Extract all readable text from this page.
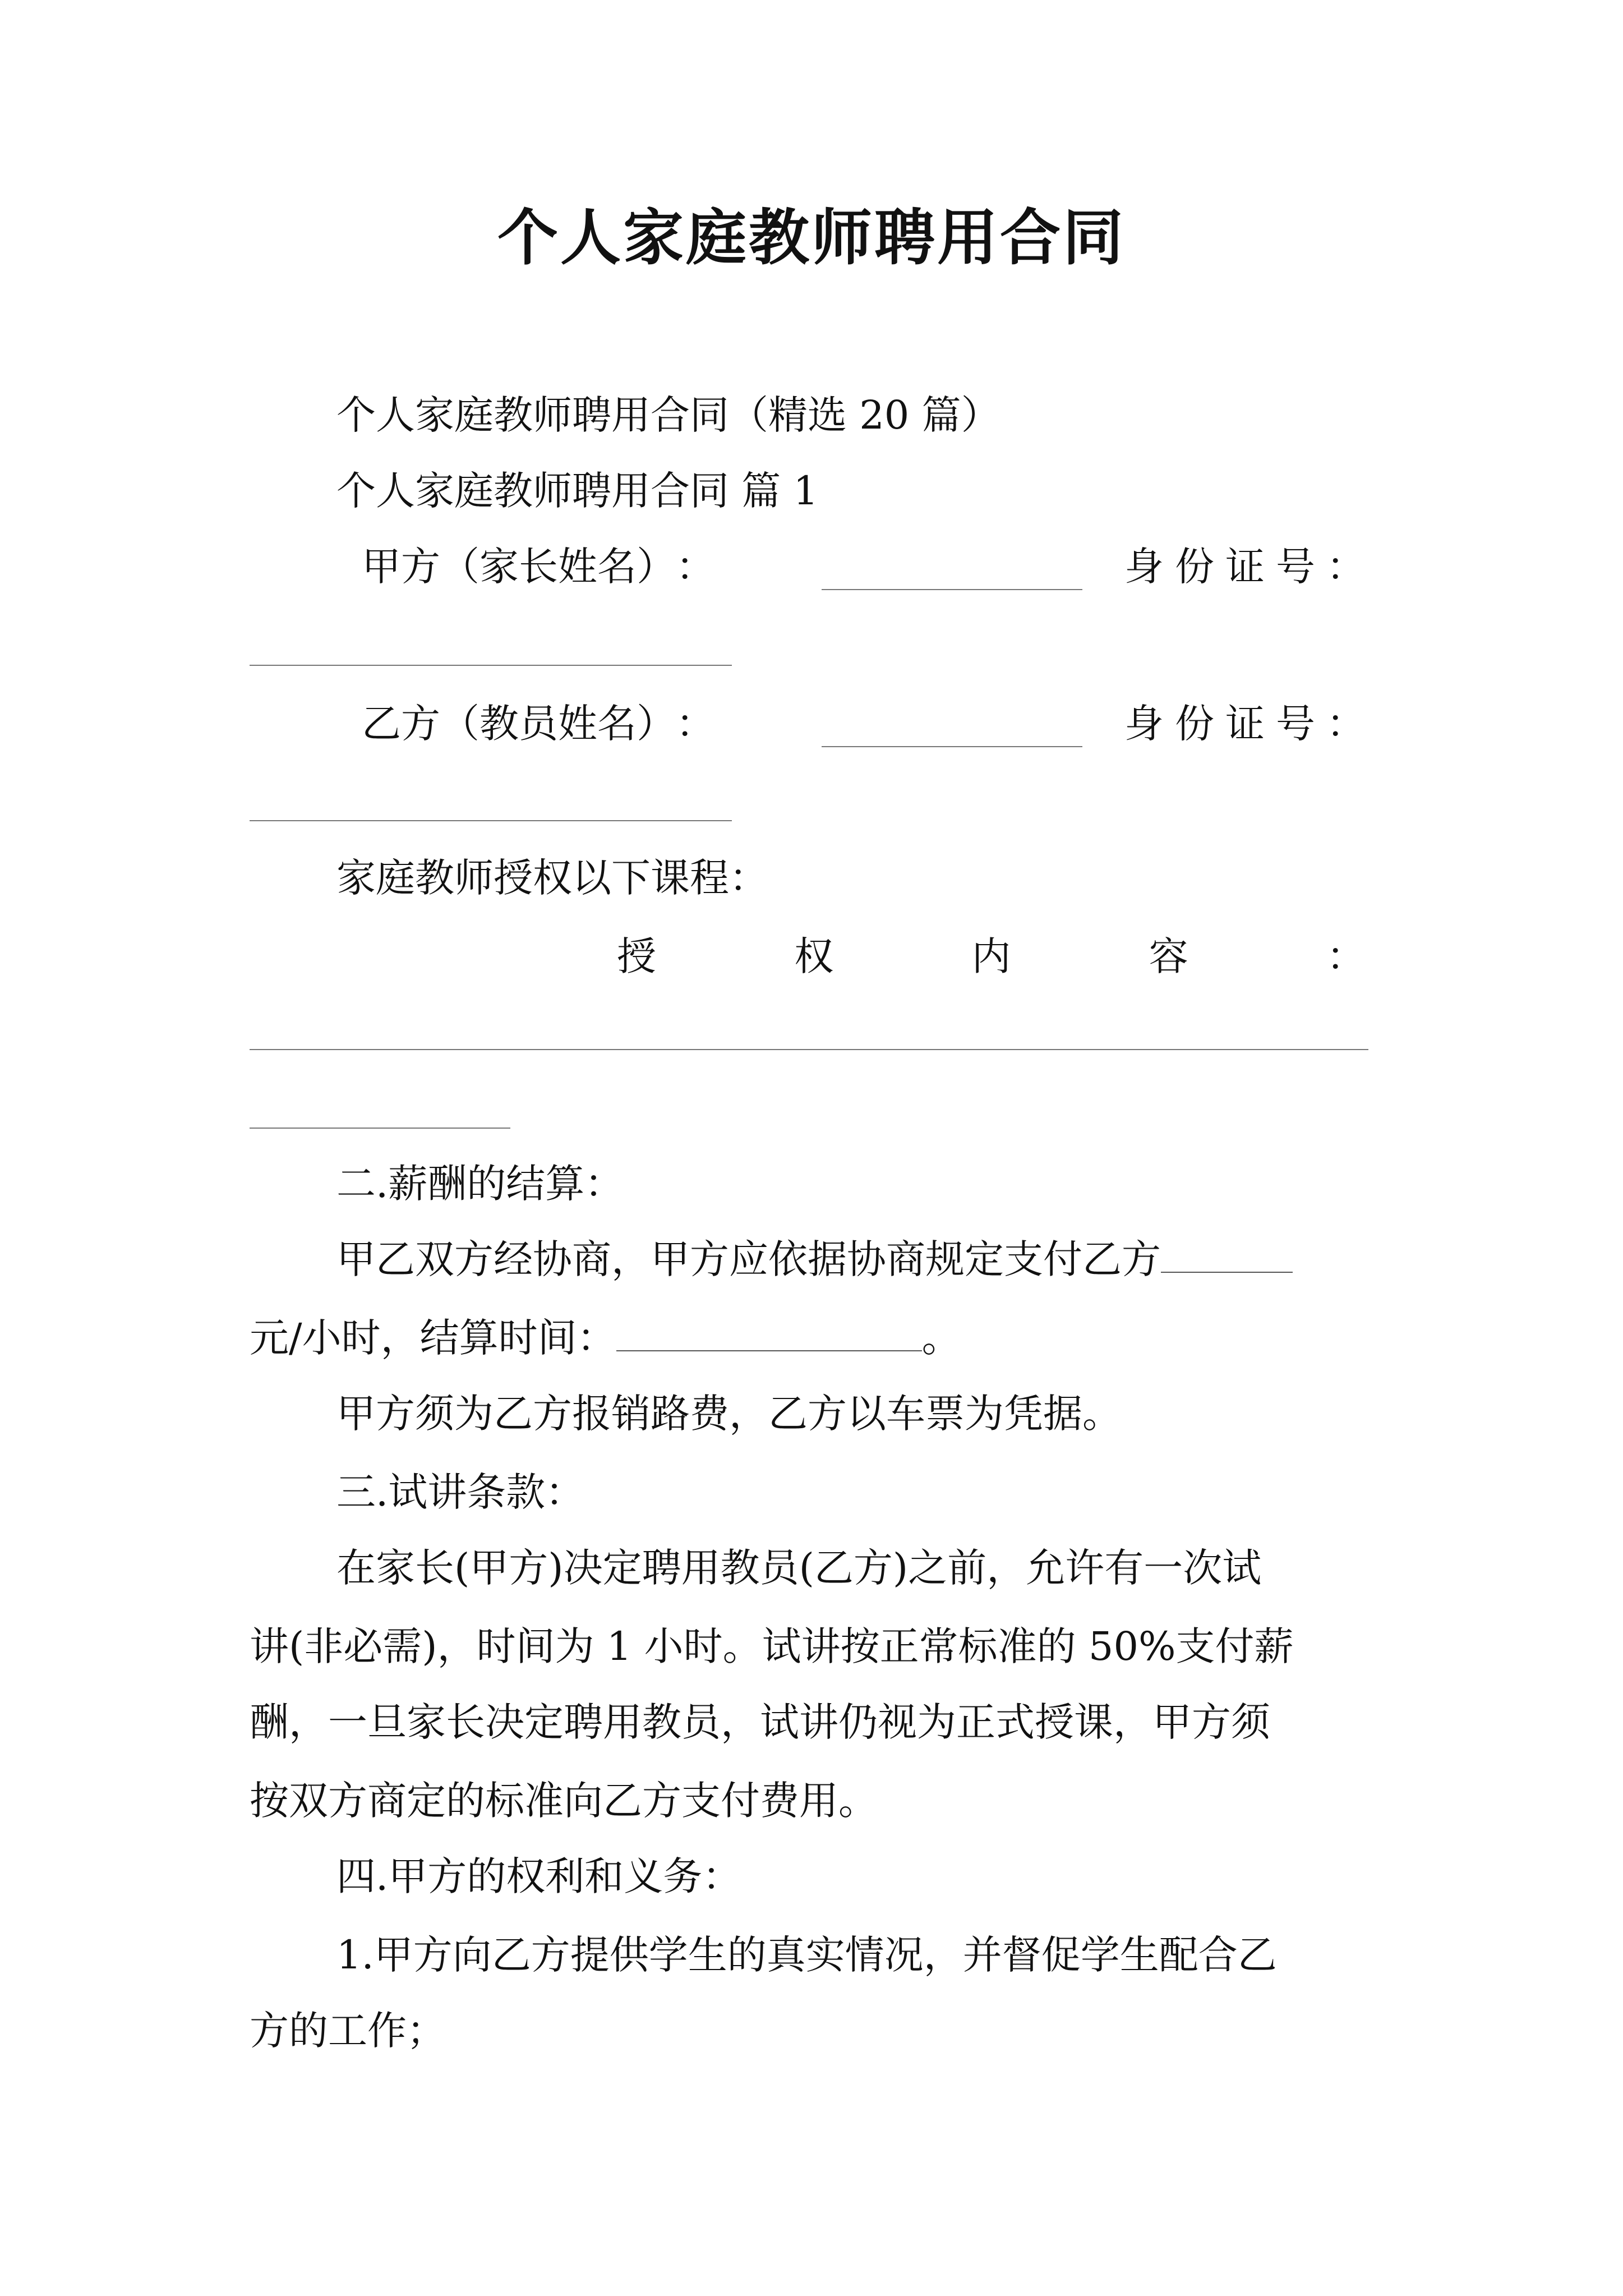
个人家庭教师聘用合同
个人家庭教师聘用合同（精选 20 篇）
个人家庭教师聘用合同 篇 1
甲 方 （ 家 长 姓 名 ） ：	身 份 证 号 ：
乙 方 （ 教 员 姓 名 ） ：	身 份 证 号 ：
家庭教师授权以下课程：
授	权	内	容	：
二.薪酬的结算：
甲乙双方经协商，甲方应依据协商规定支付乙方
元/小时，结算时间：	。
甲方须为乙方报销路费，乙方以车票为凭据。
三.试讲条款：
在家长(甲方)决定聘用教员(乙方)之前，允许有一次试
讲(非必需)，时间为 1 小时。试讲按正常标准的 50%支付薪
酬，一旦家长决定聘用教员，试讲仍视为正式授课，甲方须
按双方商定的标准向乙方支付费用。
四.甲方的权利和义务：
1.甲方向乙方提供学生的真实情况，并督促学生配合乙
方的工作；
